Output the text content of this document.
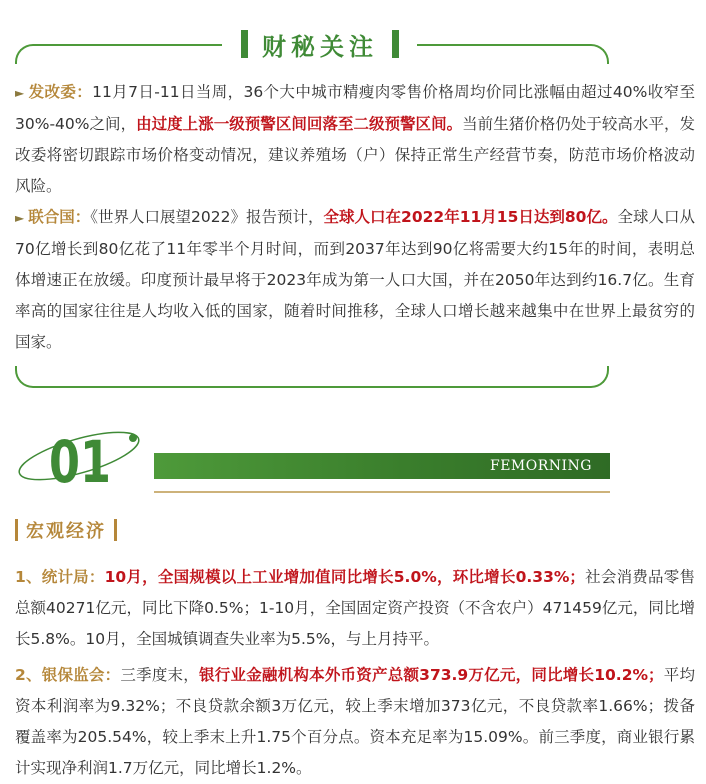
财秘关注

► 发改委：11月7日-11日当周，36个大中城市精瘦肉零售价格周均价同比涨幅由超过40%收窄至30%-40%之间，由过度上涨一级预警区间回落至二级预警区间。当前生猪价格仍处于较高水平，发改委将密切跟踪市场价格变动情况，建议养殖场（户）保持正常生产经营节奏，防范市场价格波动风险。

► 联合国：《世界人口展望2022》报告预计，全球人口在2022年11月15日达到80亿。全球人口从70亿增长到80亿花了11年零半个月时间，而到2037年达到90亿将需要大约15年的时间，表明总体增速正在放缓。印度预计最早将于2023年成为第一人口大国，并在2050年达到约16.7亿。生育率高的国家往往是人均收入低的国家，随着时间推移，全球人口增长越来越集中在世界上最贫穷的国家。

01	FEMORNING
宏观经济

1、统计局：10月，全国规模以上工业增加值同比增长5.0%，环比增长0.33%；社会消费品零售总额40271亿元，同比下降0.5%；1-10月，全国固定资产投资（不含农户）471459亿元，同比增长5.8%。10月，全国城镇调查失业率为5.5%，与上月持平。

2、银保监会：三季度末，银行业金融机构本外币资产总额373.9万亿元，同比增长10.2%；平均资本利润率为9.32%；不良贷款余额3万亿元，较上季末增加373亿元，不良贷款率1.66%；拨备覆盖率为205.54%，较上季末上升1.75个百分点。资本充足率为15.09%。前三季度，商业银行累计实现净利润1.7万亿元，同比增长1.2%。
